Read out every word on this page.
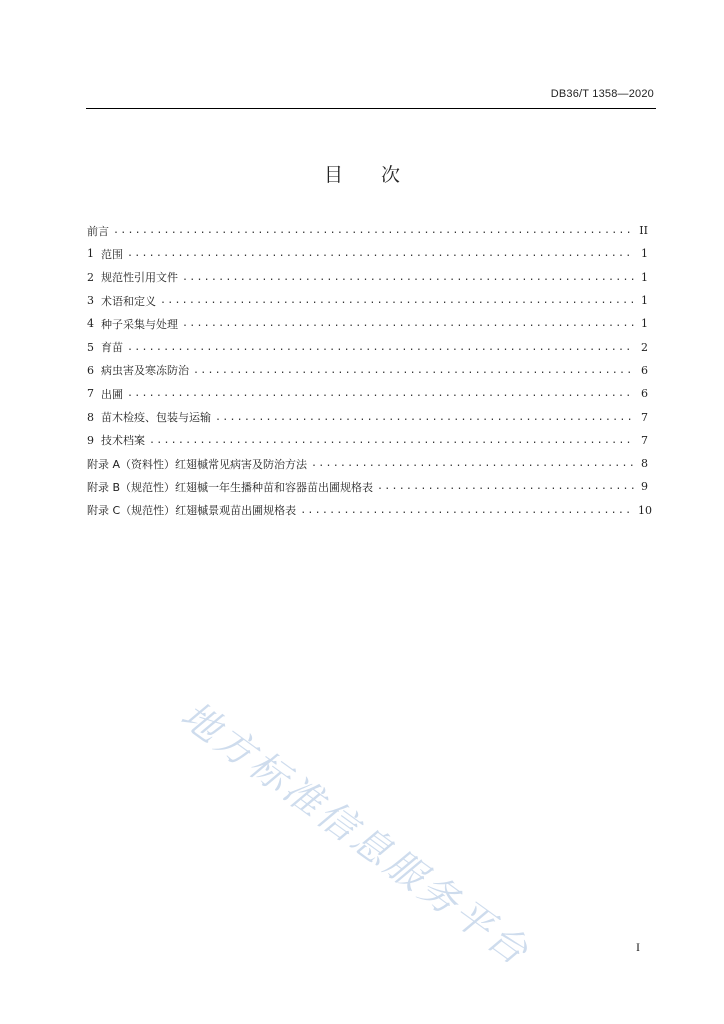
DB36/T 1358—2020
目 次
前言 .....	II
1 范围 .....	1
2 规范性引用文件 .....	1
3 术语和定义 .....	1
4 种子采集与处理 .....	1
5 育苗 .....	2
6 病虫害及寒冻防治 .....	6
7 出圃 .....	6
8 苗木检疫、包装与运输 .....	7
9 技术档案 .....	7
附录 A （资料性） 红翅槭常见病害及防治方法 .....	8
附录 B （规范性） 红翅槭一年生播种苗和容器苗出圃规格表 .....	9
附录 C （规范性） 红翅槭景观苗出圃规格表 .....	10
地方标准信息服务平台	I
